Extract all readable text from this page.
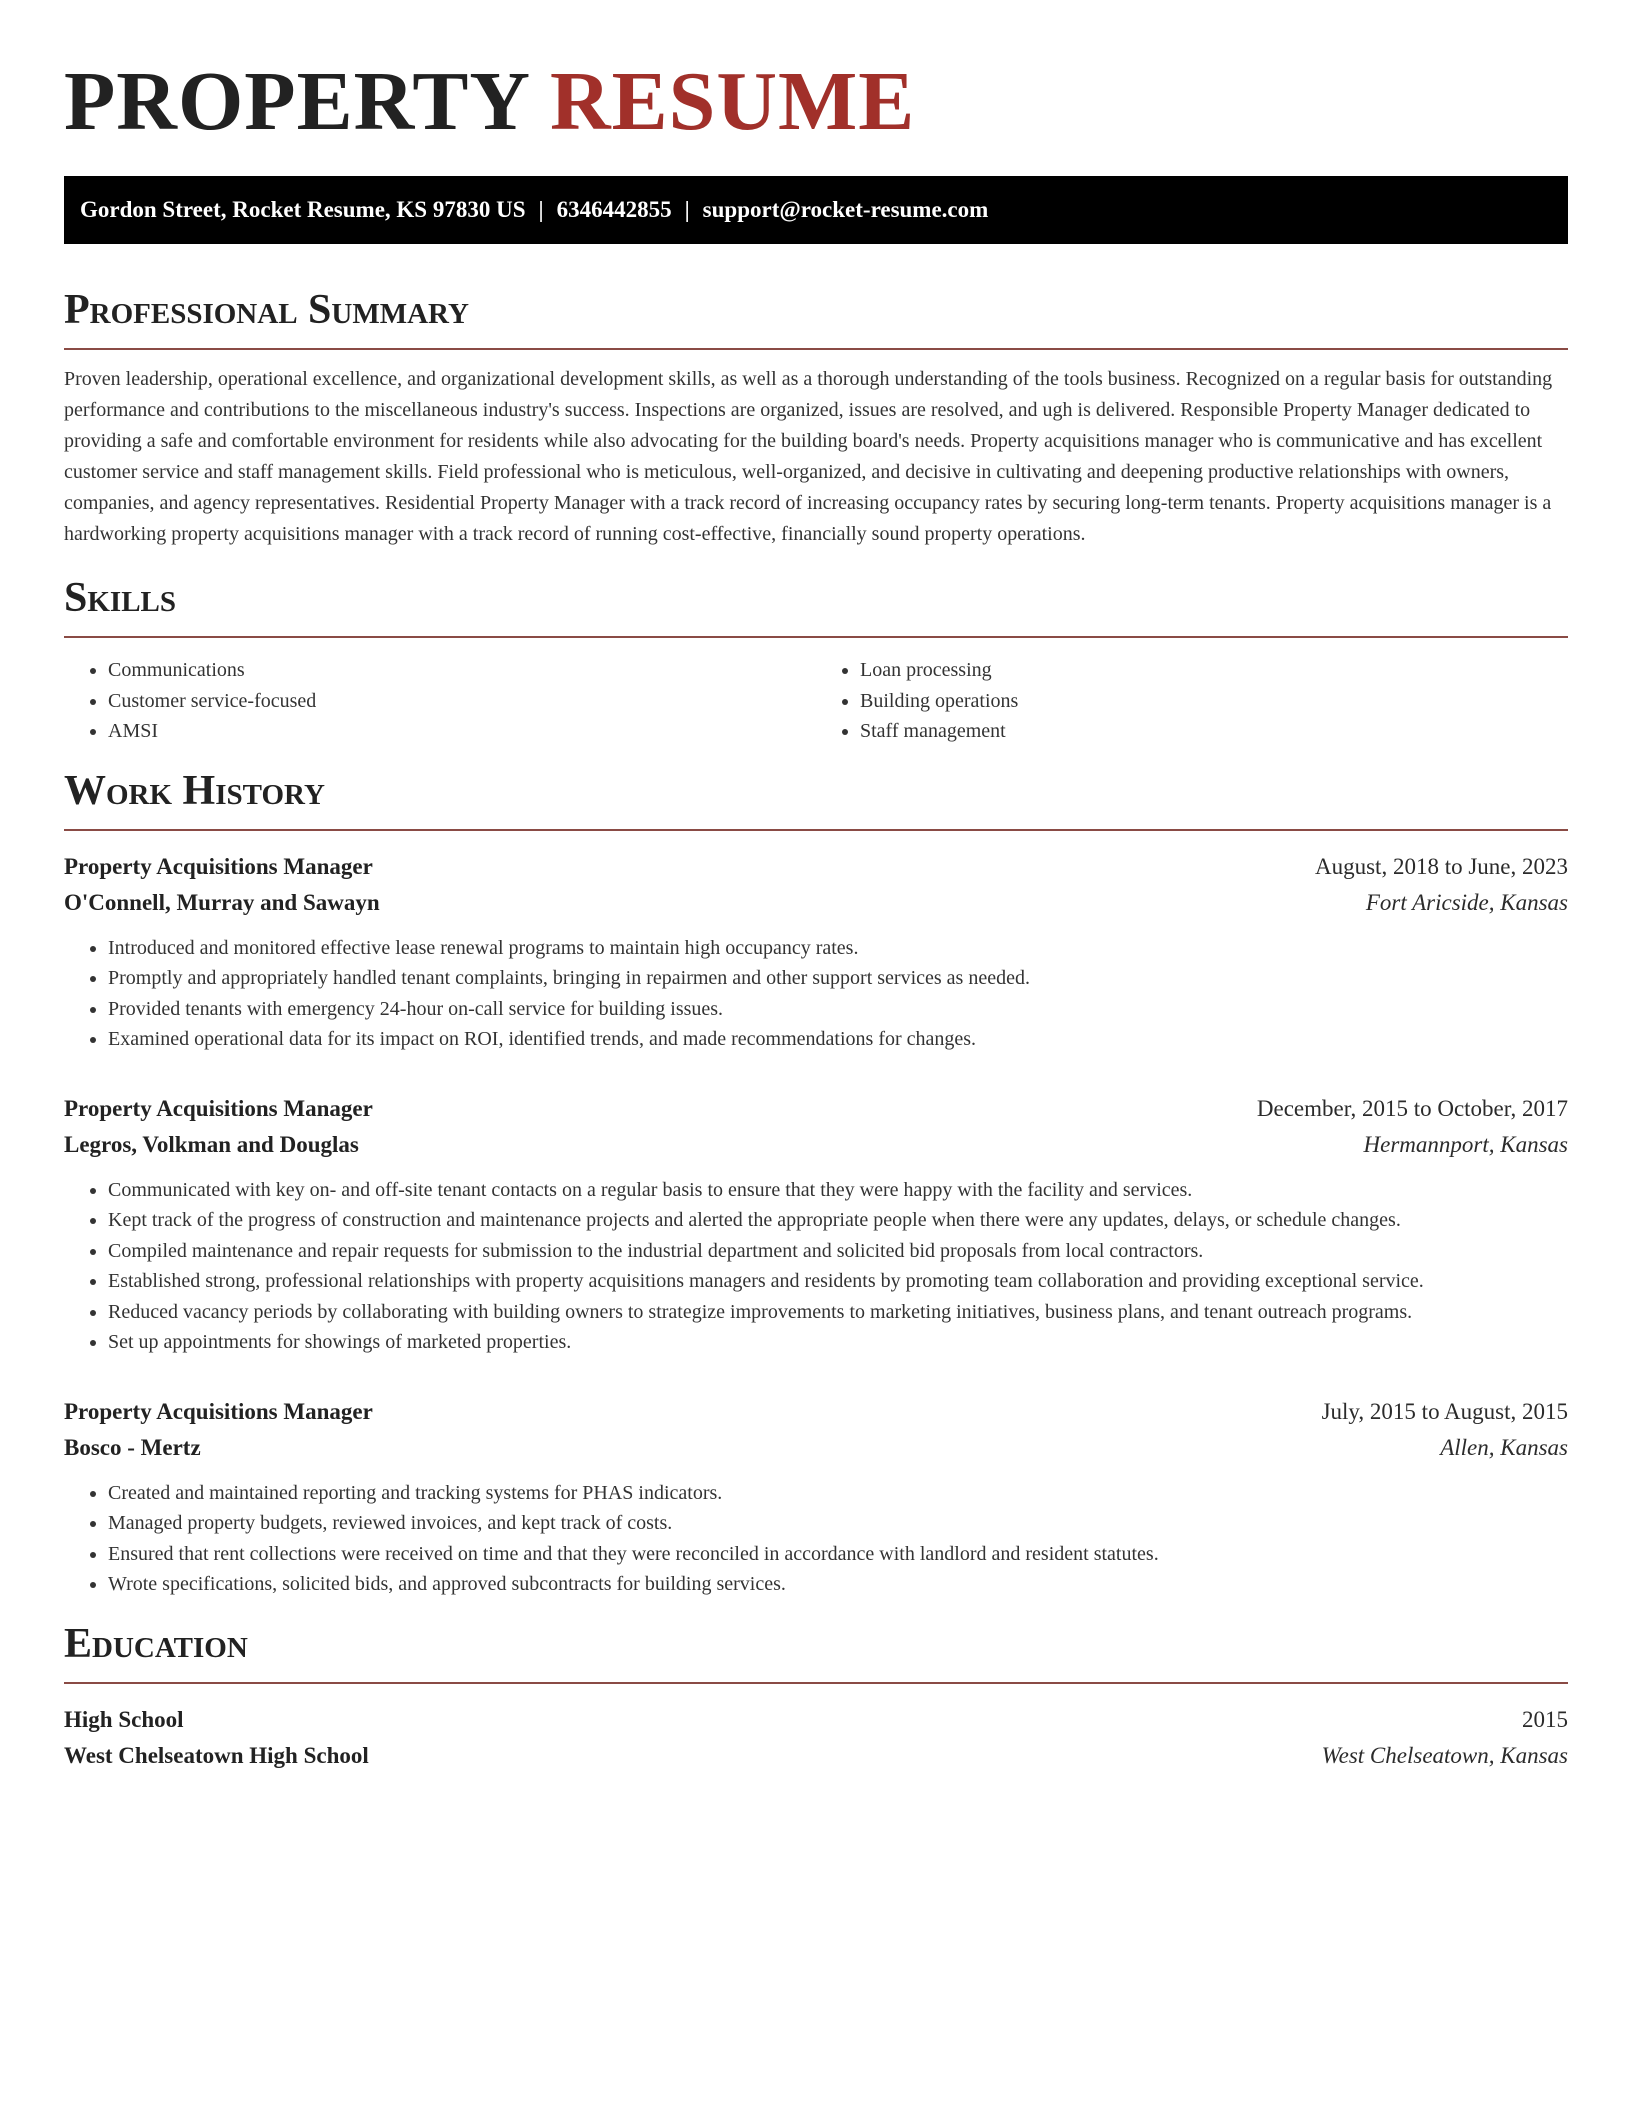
PROPERTY RESUME
Gordon Street, Rocket Resume, KS 97830 US | 6346442855 | support@rocket-resume.com
Professional Summary

Proven leadership, operational excellence, and organizational development skills, as well as a thorough understanding of the tools business. Recognized on a regular basis for outstanding performance and contributions to the miscellaneous industry's success. Inspections are organized, issues are resolved, and ugh is delivered. Responsible Property Manager dedicated to providing a safe and comfortable environment for residents while also advocating for the building board's needs. Property acquisitions manager who is communicative and has excellent customer service and staff management skills. Field professional who is meticulous, well-organized, and decisive in cultivating and deepening productive relationships with owners, companies, and agency representatives. Residential Property Manager with a track record of increasing occupancy rates by securing long-term tenants. Property acquisitions manager is a hardworking property acquisitions manager with a track record of running cost-effective, financially sound property operations.

Skills
• Communications
• Customer service-focused
• AMSI
• Loan processing
• Building operations
• Staff management
Work History
Property Acquisitions Manager	August, 2018 to June, 2023
O'Connell, Murray and Sawayn	Fort Aricside, Kansas
• Introduced and monitored effective lease renewal programs to maintain high occupancy rates.
• Promptly and appropriately handled tenant complaints, bringing in repairmen and other support services as needed.
• Provided tenants with emergency 24-hour on-call service for building issues.
• Examined operational data for its impact on ROI, identified trends, and made recommendations for changes.
Property Acquisitions Manager	December, 2015 to October, 2017
Legros, Volkman and Douglas	Hermannport, Kansas
• Communicated with key on- and off-site tenant contacts on a regular basis to ensure that they were happy with the facility and services.
• Kept track of the progress of construction and maintenance projects and alerted the appropriate people when there were any updates, delays, or schedule changes.
• Compiled maintenance and repair requests for submission to the industrial department and solicited bid proposals from local contractors.
• Established strong, professional relationships with property acquisitions managers and residents by promoting team collaboration and providing exceptional service.
• Reduced vacancy periods by collaborating with building owners to strategize improvements to marketing initiatives, business plans, and tenant outreach programs.
• Set up appointments for showings of marketed properties.
Property Acquisitions Manager	July, 2015 to August, 2015
Bosco - Mertz	Allen, Kansas
• Created and maintained reporting and tracking systems for PHAS indicators.
• Managed property budgets, reviewed invoices, and kept track of costs.
• Ensured that rent collections were received on time and that they were reconciled in accordance with landlord and resident statutes.
• Wrote specifications, solicited bids, and approved subcontracts for building services.
Education
High School	2015
West Chelseatown High School	West Chelseatown, Kansas
